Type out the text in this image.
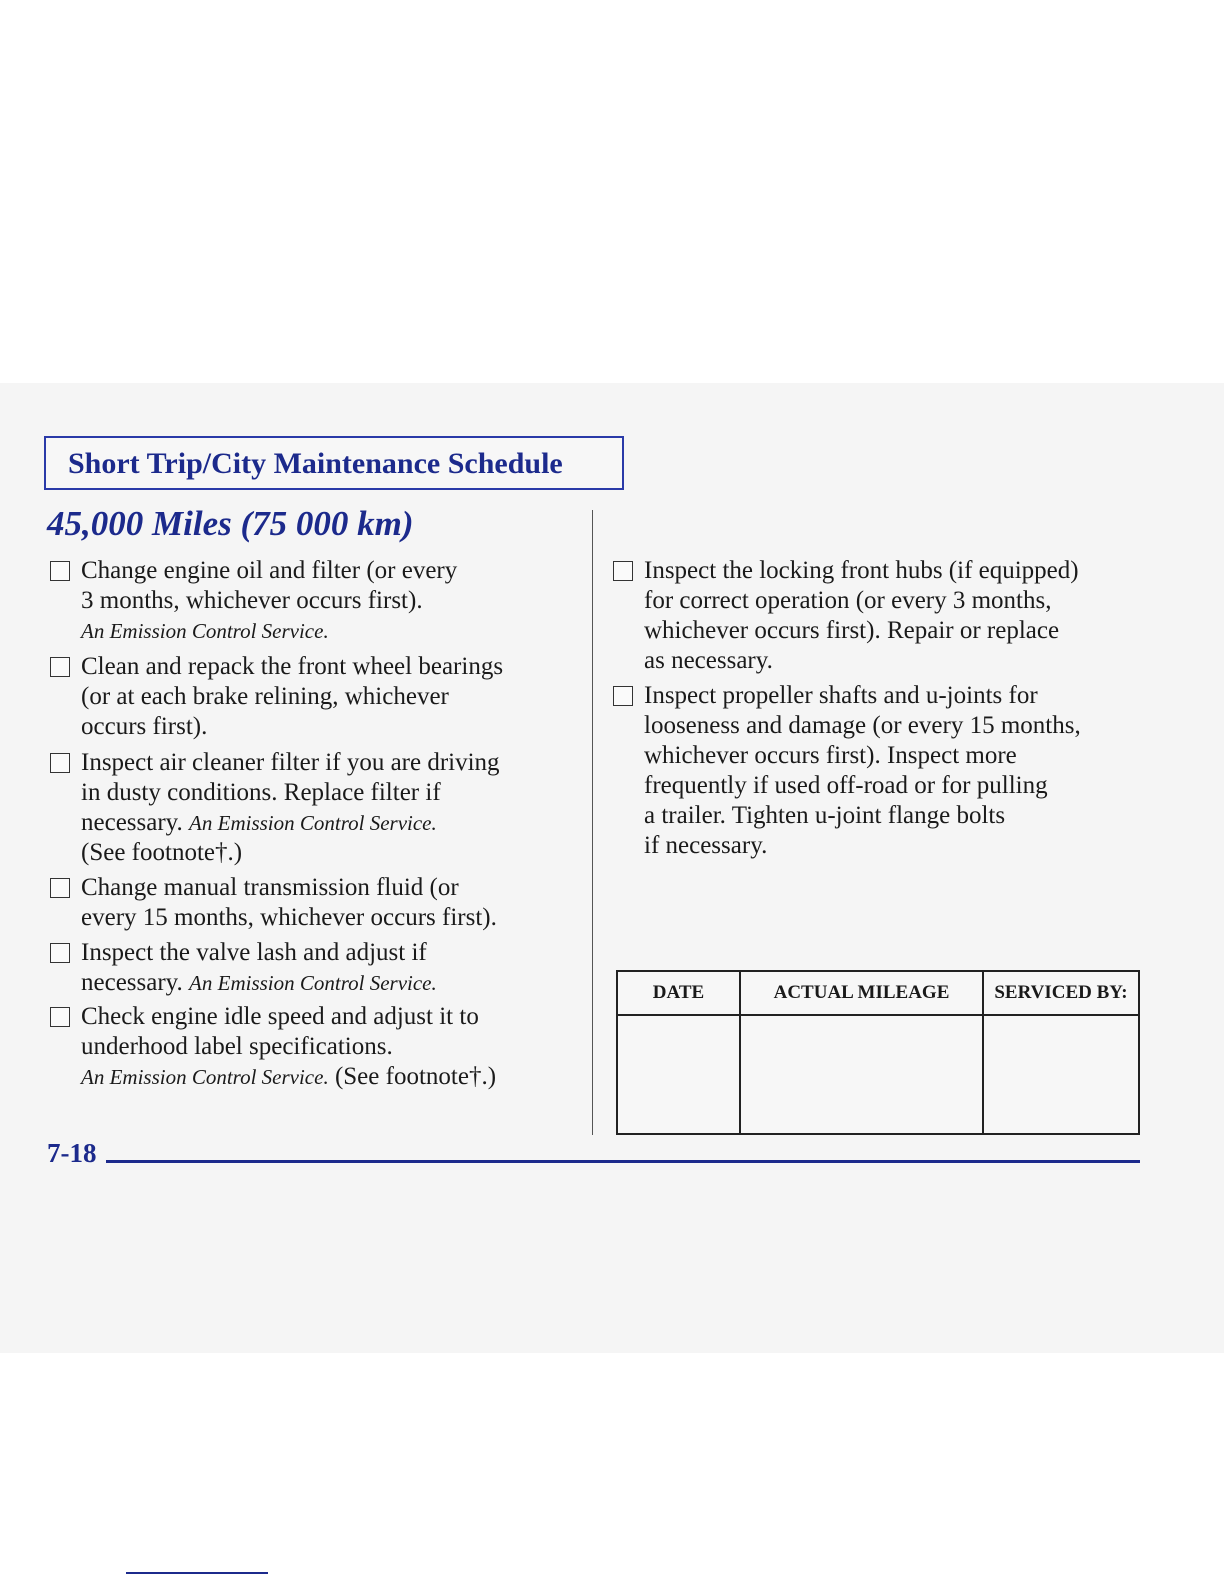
Short Trip/City Maintenance Schedule
45,000 Miles (75 000 km)
Change engine oil and filter (or every
3 months, whichever occurs first).
An Emission Control Service.
Clean and repack the front wheel bearings
(or at each brake relining, whichever
occurs first).
Inspect air cleaner filter if you are driving
in dusty conditions. Replace filter if
necessary. An Emission Control Service.
(See footnote†.)
Change manual transmission fluid (or
every 15 months, whichever occurs first).
Inspect the valve lash and adjust if
necessary. An Emission Control Service.
Check engine idle speed and adjust it to
underhood label specifications.
An Emission Control Service. (See footnote†.)
Inspect the locking front hubs (if equipped)
for correct operation (or every 3 months,
whichever occurs first). Repair or replace
as necessary.
Inspect propeller shafts and u-joints for
looseness and damage (or every 15 months,
whichever occurs first). Inspect more
frequently if used off-road or for pulling
a trailer. Tighten u-joint flange bolts
if necessary.
DATE	ACTUAL MILEAGE	SERVICED BY:
7-18
